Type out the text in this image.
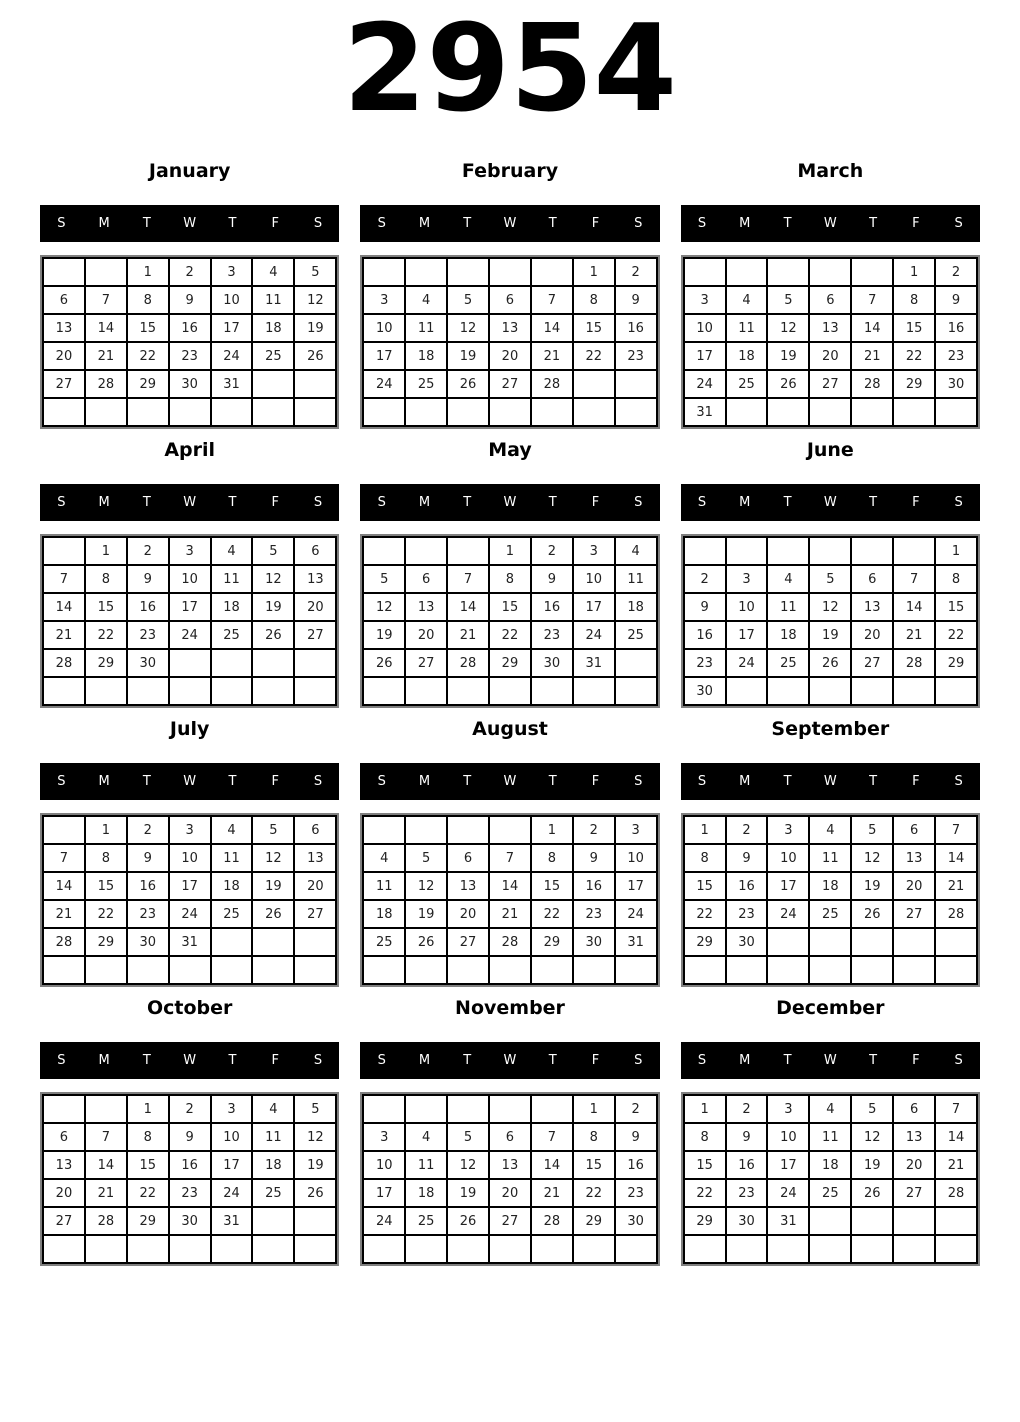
2954
January
S	M	T	W	T	F	S
		1	2	3	4	5
6	7	8	9	10	11	12
13	14	15	16	17	18	19
20	21	22	23	24	25	26
27	28	29	30	31		

February
S	M	T	W	T	F	S
					1	2
3	4	5	6	7	8	9
10	11	12	13	14	15	16
17	18	19	20	21	22	23
24	25	26	27	28		

March
S	M	T	W	T	F	S
					1	2
3	4	5	6	7	8	9
10	11	12	13	14	15	16
17	18	19	20	21	22	23
24	25	26	27	28	29	30
31						
April
S	M	T	W	T	F	S
	1	2	3	4	5	6
7	8	9	10	11	12	13
14	15	16	17	18	19	20
21	22	23	24	25	26	27
28	29	30				

May
S	M	T	W	T	F	S
			1	2	3	4
5	6	7	8	9	10	11
12	13	14	15	16	17	18
19	20	21	22	23	24	25
26	27	28	29	30	31	

June
S	M	T	W	T	F	S
						1
2	3	4	5	6	7	8
9	10	11	12	13	14	15
16	17	18	19	20	21	22
23	24	25	26	27	28	29
30						
July
S	M	T	W	T	F	S
	1	2	3	4	5	6
7	8	9	10	11	12	13
14	15	16	17	18	19	20
21	22	23	24	25	26	27
28	29	30	31			

August
S	M	T	W	T	F	S
				1	2	3
4	5	6	7	8	9	10
11	12	13	14	15	16	17
18	19	20	21	22	23	24
25	26	27	28	29	30	31

September
S	M	T	W	T	F	S
1	2	3	4	5	6	7
8	9	10	11	12	13	14
15	16	17	18	19	20	21
22	23	24	25	26	27	28
29	30					

October
S	M	T	W	T	F	S
		1	2	3	4	5
6	7	8	9	10	11	12
13	14	15	16	17	18	19
20	21	22	23	24	25	26
27	28	29	30	31		

November
S	M	T	W	T	F	S
					1	2
3	4	5	6	7	8	9
10	11	12	13	14	15	16
17	18	19	20	21	22	23
24	25	26	27	28	29	30

December
S	M	T	W	T	F	S
1	2	3	4	5	6	7
8	9	10	11	12	13	14
15	16	17	18	19	20	21
22	23	24	25	26	27	28
29	30	31				
